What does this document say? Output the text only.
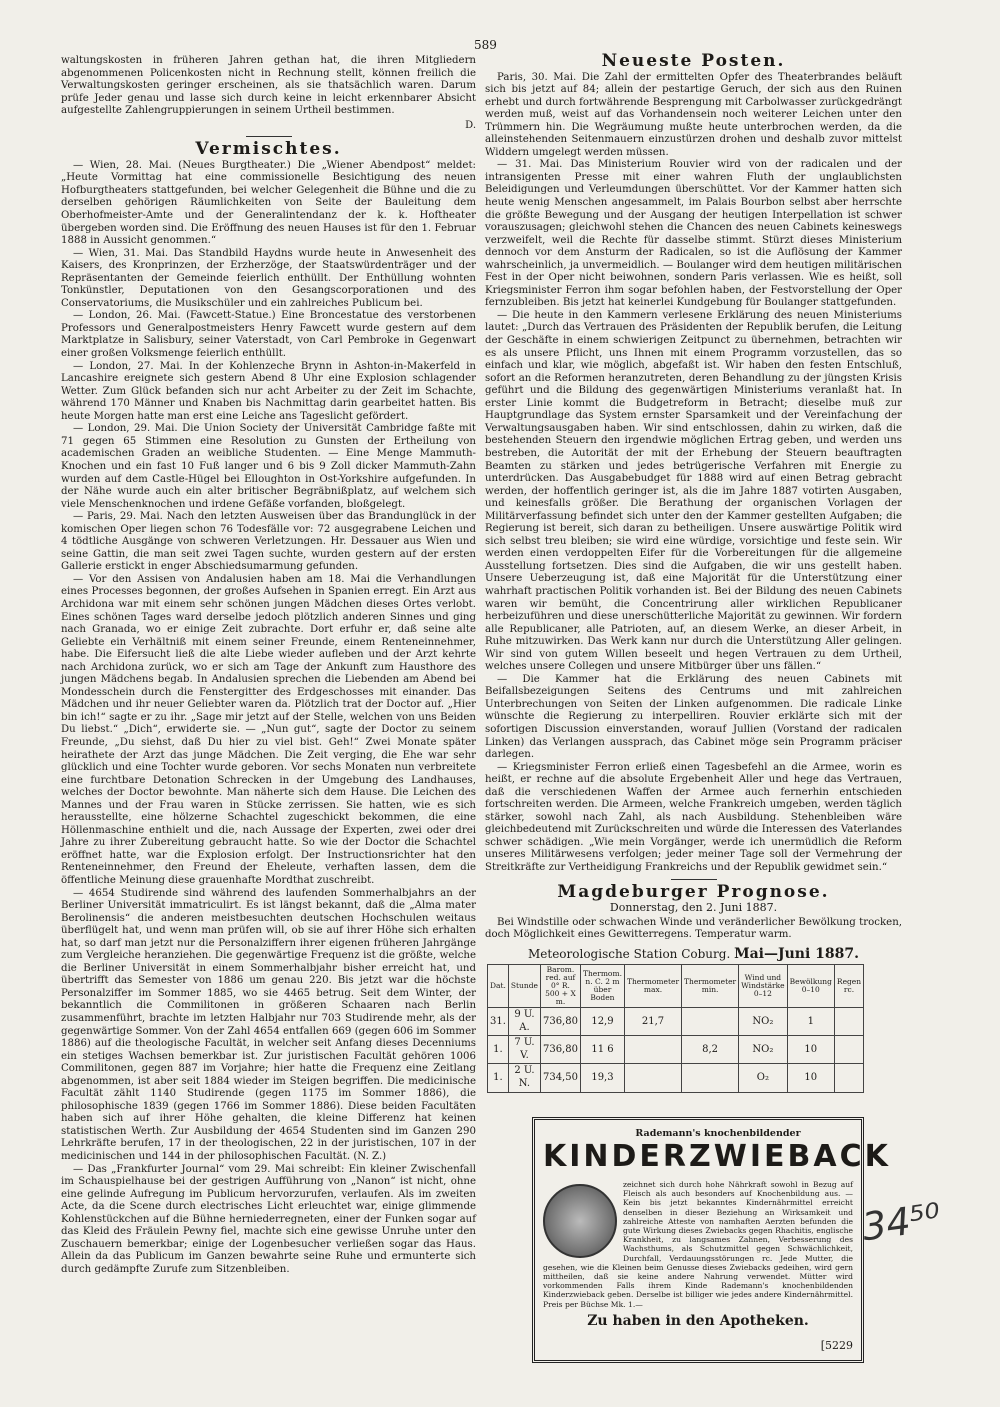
589

waltungskosten in früheren Jahren gethan hat, die ihren Mitgliedern abgenommenen Policenkosten nicht in Rechnung stellt, können freilich die Verwaltungskosten geringer erscheinen, als sie thatsächlich waren. Darum prüfe Jeder genau und lasse sich durch keine in leicht erkennbarer Absicht aufgestellte Zahlengruppierungen in seinem Urtheil bestimmen.

D.
Vermischtes.

— Wien, 28. Mai. (Neues Burgtheater.) Die „Wiener Abendpost“ meldet: „Heute Vormittag hat eine commissionelle Besichtigung des neuen Hofburgtheaters stattgefunden, bei welcher Gelegenheit die Bühne und die zu derselben gehörigen Räumlichkeiten von Seite der Bauleitung dem Oberhofmeister-Amte und der Generalintendanz der k. k. Hoftheater übergeben worden sind. Die Eröffnung des neuen Hauses ist für den 1. Februar 1888 in Aussicht genommen.“

— Wien, 31. Mai. Das Standbild Haydns wurde heute in Anwesenheit des Kaisers, des Kronprinzen, der Erzherzöge, der Staatswürdenträger und der Repräsentanten der Gemeinde feierlich enthüllt. Der Enthüllung wohnten Tonkünstler, Deputationen von den Gesangscorporationen und des Conservatoriums, die Musikschüler und ein zahlreiches Publicum bei.

— London, 26. Mai. (Fawcett-Statue.) Eine Broncestatue des verstorbenen Professors und Generalpostmeisters Henry Fawcett wurde gestern auf dem Marktplatze in Salisbury, seiner Vaterstadt, von Carl Pembroke in Gegenwart einer großen Volksmenge feierlich enthüllt.

— London, 27. Mai. In der Kohlenzeche Brynn in Ashton-in-Makerfeld in Lancashire ereignete sich gestern Abend 8 Uhr eine Explosion schlagender Wetter. Zum Glück befanden sich nur acht Arbeiter zu der Zeit im Schachte, während 170 Männer und Knaben bis Nachmittag darin gearbeitet hatten. Bis heute Morgen hatte man erst eine Leiche ans Tageslicht gefördert.

— London, 29. Mai. Die Union Society der Universität Cambridge faßte mit 71 gegen 65 Stimmen eine Resolution zu Gunsten der Ertheilung von academischen Graden an weibliche Studenten. — Eine Menge Mammuth-Knochen und ein fast 10 Fuß langer und 6 bis 9 Zoll dicker Mammuth-Zahn wurden auf dem Castle-Hügel bei Elloughton in Ost-Yorkshire aufgefunden. In der Nähe wurde auch ein alter britischer Begräbnißplatz, auf welchem sich viele Menschenknochen und irdene Gefäße vorfanden, bloßgelegt.

— Paris, 29. Mai. Nach den letzten Ausweisen über das Brandunglück in der komischen Oper liegen schon 76 Todesfälle vor: 72 ausgegrabene Leichen und 4 tödtliche Ausgänge von schweren Verletzungen. Hr. Dessauer aus Wien und seine Gattin, die man seit zwei Tagen suchte, wurden gestern auf der ersten Gallerie erstickt in enger Abschiedsumarmung gefunden.

— Vor den Assisen von Andalusien haben am 18. Mai die Verhandlungen eines Processes begonnen, der großes Aufsehen in Spanien erregt. Ein Arzt aus Archidona war mit einem sehr schönen jungen Mädchen dieses Ortes verlobt. Eines schönen Tages ward derselbe jedoch plötzlich anderen Sinnes und ging nach Granada, wo er einige Zeit zubrachte. Dort erfuhr er, daß seine alte Geliebte ein Verhältniß mit einem seiner Freunde, einem Renteneinnehmer, habe. Die Eifersucht ließ die alte Liebe wieder aufleben und der Arzt kehrte nach Archidona zurück, wo er sich am Tage der Ankunft zum Hausthore des jungen Mädchens begab. In Andalusien sprechen die Liebenden am Abend bei Mondesschein durch die Fenstergitter des Erdgeschosses mit einander. Das Mädchen und ihr neuer Geliebter waren da. Plötzlich trat der Doctor auf. „Hier bin ich!“ sagte er zu ihr. „Sage mir jetzt auf der Stelle, welchen von uns Beiden Du liebst.“ „Dich“, erwiderte sie. — „Nun gut“, sagte der Doctor zu seinem Freunde, „Du siehst, daß Du hier zu viel bist. Geh!“ Zwei Monate später heirathete der Arzt das junge Mädchen. Die Zeit verging, die Ehe war sehr glücklich und eine Tochter wurde geboren. Vor sechs Monaten nun verbreitete eine furchtbare Detonation Schrecken in der Umgebung des Landhauses, welches der Doctor bewohnte. Man näherte sich dem Hause. Die Leichen des Mannes und der Frau waren in Stücke zerrissen. Sie hatten, wie es sich herausstellte, eine hölzerne Schachtel zugeschickt bekommen, die eine Höllenmaschine enthielt und die, nach Aussage der Experten, zwei oder drei Jahre zu ihrer Zubereitung gebraucht hatte. So wie der Doctor die Schachtel eröffnet hatte, war die Explosion erfolgt. Der Instructionsrichter hat den Renteneinnehmer, den Freund der Eheleute, verhaften lassen, dem die öffentliche Meinung diese grauenhafte Mordthat zuschreibt.

— 4654 Studirende sind während des laufenden Sommerhalbjahrs an der Berliner Universität immatriculirt. Es ist längst bekannt, daß die „Alma mater Berolinensis“ die anderen meistbesuchten deutschen Hochschulen weitaus überflügelt hat, und wenn man prüfen will, ob sie auf ihrer Höhe sich erhalten hat, so darf man jetzt nur die Personalziffern ihrer eigenen früheren Jahrgänge zum Vergleiche heranziehen. Die gegenwärtige Frequenz ist die größte, welche die Berliner Universität in einem Sommerhalbjahr bisher erreicht hat, und übertrifft das Semester von 1886 um genau 220. Bis jetzt war die höchste Personalziffer im Sommer 1885, wo sie 4465 betrug. Seit dem Winter, der bekanntlich die Commilitonen in größeren Schaaren nach Berlin zusammenführt, brachte im letzten Halbjahr nur 703 Studirende mehr, als der gegenwärtige Sommer. Von der Zahl 4654 entfallen 669 (gegen 606 im Sommer 1886) auf die theologische Facultät, in welcher seit Anfang dieses Decenniums ein stetiges Wachsen bemerkbar ist. Zur juristischen Facultät gehören 1006 Commilitonen, gegen 887 im Vorjahre; hier hatte die Frequenz eine Zeitlang abgenommen, ist aber seit 1884 wieder im Steigen begriffen. Die medicinische Facultät zählt 1140 Studirende (gegen 1175 im Sommer 1886), die philosophische 1839 (gegen 1766 im Sommer 1886). Diese beiden Facultäten haben sich auf ihrer Höhe gehalten, die kleine Differenz hat keinen statistischen Werth. Zur Ausbildung der 4654 Studenten sind im Ganzen 290 Lehrkräfte berufen, 17 in der theologischen, 22 in der juristischen, 107 in der medicinischen und 144 in der philosophischen Facultät. (N. Z.)

— Das „Frankfurter Journal“ vom 29. Mai schreibt: Ein kleiner Zwischenfall im Schauspielhause bei der gestrigen Aufführung von „Nanon“ ist nicht, ohne eine gelinde Aufregung im Publicum hervorzurufen, verlaufen. Als im zweiten Acte, da die Scene durch electrisches Licht erleuchtet war, einige glimmende Kohlenstückchen auf die Bühne herniederregneten, einer der Funken sogar auf das Kleid des Fräulein Pewny fiel, machte sich eine gewisse Unruhe unter den Zuschauern bemerkbar; einige der Logenbesucher verließen sogar das Haus. Allein da das Publicum im Ganzen bewahrte seine Ruhe und ermunterte sich durch gedämpfte Zurufe zum Sitzenbleiben.

Neueste Posten.

Paris, 30. Mai. Die Zahl der ermittelten Opfer des Theaterbrandes beläuft sich bis jetzt auf 84; allein der pestartige Geruch, der sich aus den Ruinen erhebt und durch fortwährende Besprengung mit Carbolwasser zurückgedrängt werden muß, weist auf das Vorhandensein noch weiterer Leichen unter den Trümmern hin. Die Wegräumung mußte heute unterbrochen werden, da die alleinstehenden Seitenmauern einzustürzen drohen und deshalb zuvor mittelst Widdern umgelegt werden müssen.

— 31. Mai. Das Ministerium Rouvier wird von der radicalen und der intransigenten Presse mit einer wahren Fluth der unglaublichsten Beleidigungen und Verleumdungen überschüttet. Vor der Kammer hatten sich heute wenig Menschen angesammelt, im Palais Bourbon selbst aber herrschte die größte Bewegung und der Ausgang der heutigen Interpellation ist schwer vorauszusagen; gleichwohl stehen die Chancen des neuen Cabinets keineswegs verzweifelt, weil die Rechte für dasselbe stimmt. Stürzt dieses Ministerium dennoch vor dem Ansturm der Radicalen, so ist die Auflösung der Kammer wahrscheinlich, ja unvermeidlich. — Boulanger wird dem heutigen militärischen Fest in der Oper nicht beiwohnen, sondern Paris verlassen. Wie es heißt, soll Kriegsminister Ferron ihm sogar befohlen haben, der Festvorstellung der Oper fernzubleiben. Bis jetzt hat keinerlei Kundgebung für Boulanger stattgefunden.

— Die heute in den Kammern verlesene Erklärung des neuen Ministeriums lautet: „Durch das Vertrauen des Präsidenten der Republik berufen, die Leitung der Geschäfte in einem schwierigen Zeitpunct zu übernehmen, betrachten wir es als unsere Pflicht, uns Ihnen mit einem Programm vorzustellen, das so einfach und klar, wie möglich, abgefaßt ist. Wir haben den festen Entschluß, sofort an die Reformen heranzutreten, deren Behandlung zu der jüngsten Krisis geführt und die Bildung des gegenwärtigen Ministeriums veranlaßt hat. In erster Linie kommt die Budgetreform in Betracht; dieselbe muß zur Hauptgrundlage das System ernster Sparsamkeit und der Vereinfachung der Verwaltungsausgaben haben. Wir sind entschlossen, dahin zu wirken, daß die bestehenden Steuern den irgendwie möglichen Ertrag geben, und werden uns bestreben, die Autorität der mit der Erhebung der Steuern beauftragten Beamten zu stärken und jedes betrügerische Verfahren mit Energie zu unterdrücken. Das Ausgabebudget für 1888 wird auf einen Betrag gebracht werden, der hoffentlich geringer ist, als die im Jahre 1887 votirten Ausgaben, und keinesfalls größer. Die Berathung der organischen Vorlagen der Militärverfassung befindet sich unter den der Kammer gestellten Aufgaben; die Regierung ist bereit, sich daran zu betheiligen. Unsere auswärtige Politik wird sich selbst treu bleiben; sie wird eine würdige, vorsichtige und feste sein. Wir werden einen verdoppelten Eifer für die Vorbereitungen für die allgemeine Ausstellung fortsetzen. Dies sind die Aufgaben, die wir uns gestellt haben. Unsere Ueberzeugung ist, daß eine Majorität für die Unterstützung einer wahrhaft practischen Politik vorhanden ist. Bei der Bildung des neuen Cabinets waren wir bemüht, die Concentrirung aller wirklichen Republicaner herbeizuführen und diese unerschütterliche Majorität zu gewinnen. Wir fordern alle Republicaner, alle Patrioten, auf, an diesem Werke, an dieser Arbeit, in Ruhe mitzuwirken. Das Werk kann nur durch die Unterstützung Aller gelingen. Wir sind von gutem Willen beseelt und hegen Vertrauen zu dem Urtheil, welches unsere Collegen und unsere Mitbürger über uns fällen.“

— Die Kammer hat die Erklärung des neuen Cabinets mit Beifallsbezeigungen Seitens des Centrums und mit zahlreichen Unterbrechungen von Seiten der Linken aufgenommen. Die radicale Linke wünschte die Regierung zu interpelliren. Rouvier erklärte sich mit der sofortigen Discussion einverstanden, worauf Jullien (Vorstand der radicalen Linken) das Verlangen aussprach, das Cabinet möge sein Programm präciser darlegen.

— Kriegsminister Ferron erließ einen Tagesbefehl an die Armee, worin es heißt, er rechne auf die absolute Ergebenheit Aller und hege das Vertrauen, daß die verschiedenen Waffen der Armee auch fernerhin entschieden fortschreiten werden. Die Armeen, welche Frankreich umgeben, werden täglich stärker, sowohl nach Zahl, als nach Ausbildung. Stehenbleiben wäre gleichbedeutend mit Zurückschreiten und würde die Interessen des Vaterlandes schwer schädigen. „Wie mein Vorgänger, werde ich unermüdlich die Reform unseres Militärwesens verfolgen; jeder meiner Tage soll der Vermehrung der Streitkräfte zur Vertheidigung Frankreichs und der Republik gewidmet sein.“

Magdeburger Prognose.
Donnerstag, den 2. Juni 1887.

Bei Windstille oder schwachen Winde und veränderlicher Bewölkung trocken, doch Möglichkeit eines Gewitterregens. Temperatur warm.

Meteorologische Station Coburg. Mai—Juni 1887.
Dat.	Stunde	Barom. red. auf 0° R. 500 + X m.	Thermom. n. C. 2 m über Boden	Thermometer max.	Thermometer min.	Wind und Windstärke 0–12	Bewölkung 0–10	Regen rc.
31.	9 U. A.	736,80	12,9	21,7		NO₂	1	
1.	7 U. V.	736,80	11 6		8,2	NO₂	10	
1.	2 U. N.	734,50	19,3			O₂	10	
Rademann's knochenbildender
KINDERZWIEBACK
zeichnet sich durch hohe Nährkraft sowohl in Bezug auf Fleisch als auch besonders auf Knochenbildung aus. — Kein bis jetzt bekanntes Kindernährmittel erreicht denselben in dieser Beziehung an Wirksamkeit und zahlreiche Atteste von namhaften Aerzten befunden die gute Wirkung dieses Zwiebacks gegen Rhachitis, englische Krankheit, zu langsames Zahnen, Verbesserung des Wachsthums, als Schutzmittel gegen Schwächlichkeit, Durchfall, Verdauungsstörungen rc. Jede Mutter, die gesehen, wie die Kleinen beim Genusse dieses Zwiebacks gedeihen, wird gern mittheilen, daß sie keine andere Nahrung verwendet. Mütter wird vorkommenden Falls ihrem Kinde Rademann's knochenbildenden Kinderzwieback geben. Derselbe ist billiger wie jedes andere Kindernährmittel. Preis per Büchse Mk. 1.—
Zu haben in den Apotheken.
[5229
34⁵⁰
